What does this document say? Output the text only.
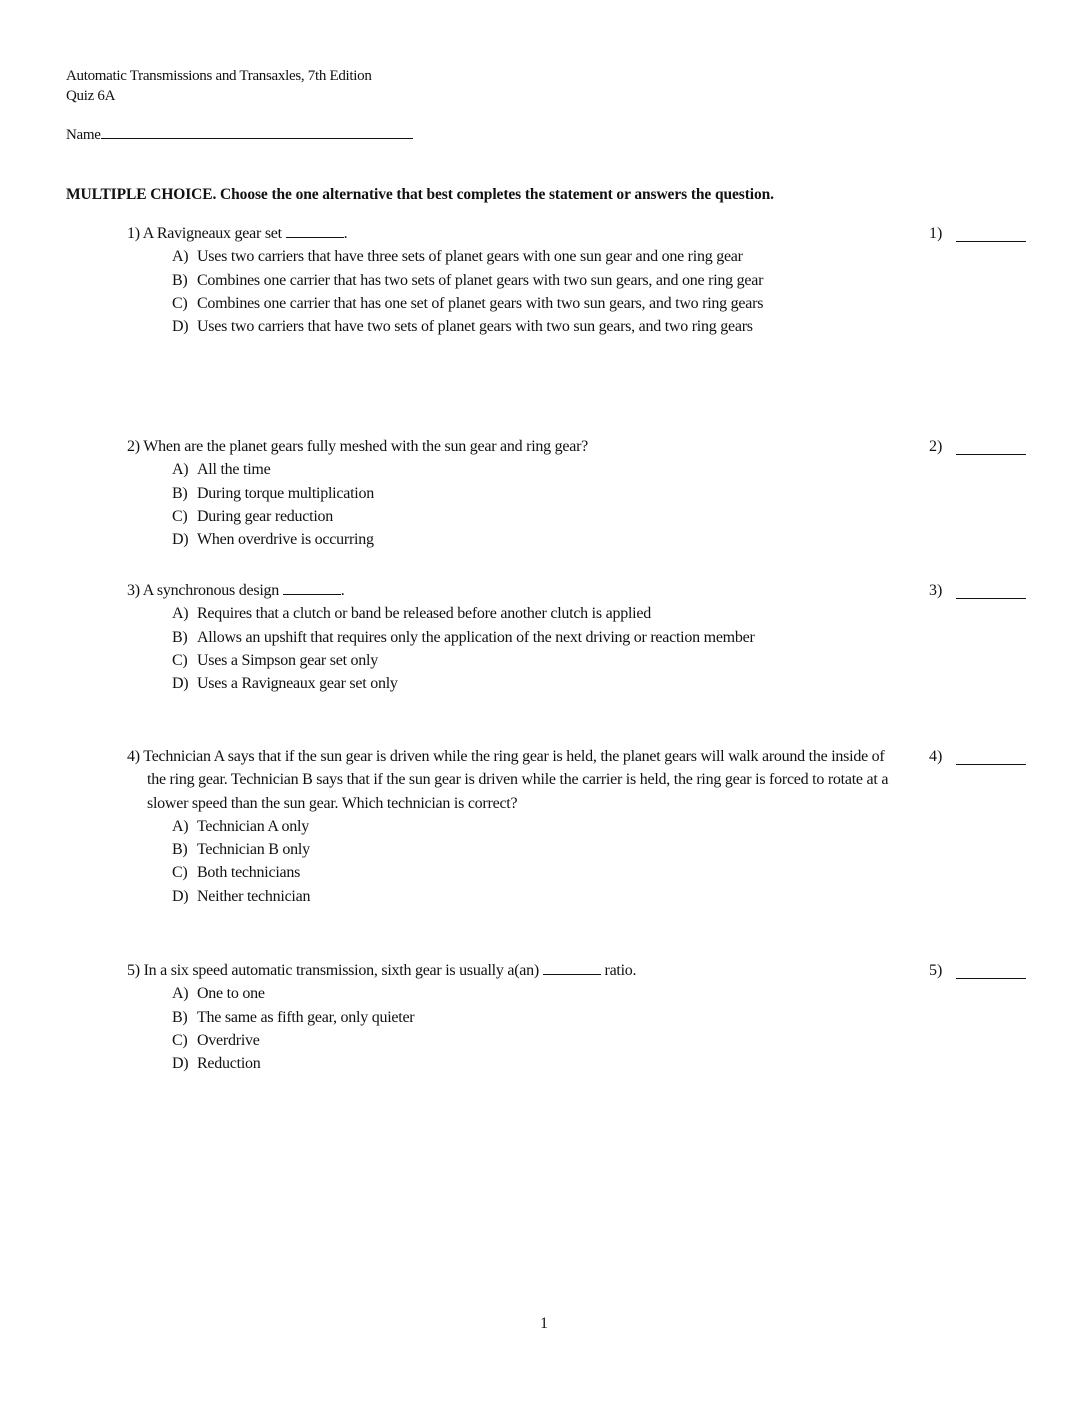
Automatic Transmissions and Transaxles, 7th Edition
Quiz 6A
Name
MULTIPLE CHOICE. Choose the one alternative that best completes the statement or answers the question.
1) A Ravigneaux gear set	.
A) Uses two carriers that have three sets of planet gears with one sun gear and one ring gear
B) Combines one carrier that has two sets of planet gears with two sun gears, and one ring gear
C) Combines one carrier that has one set of planet gears with two sun gears, and two ring gears
D) Uses two carriers that have two sets of planet gears with two sun gears, and two ring gears
1)
2) When are the planet gears fully meshed with the sun gear and ring gear?
A) All the time
B) During torque multiplication
C) During gear reduction
D) When overdrive is occurring
2)
3) A synchronous design	.
A) Requires that a clutch or band be released before another clutch is applied
B) Allows an upshift that requires only the application of the next driving or reaction member
C) Uses a Simpson gear set only
D) Uses a Ravigneaux gear set only
3)
4) Technician A says that if the sun gear is driven while the ring gear is held, the planet gears will walk around the inside of the ring gear. Technician B says that if the sun gear is driven while the carrier is held, the ring gear is forced to rotate at a slower speed than the sun gear. Which technician is correct?
A) Technician A only
B) Technician B only
C) Both technicians
D) Neither technician
4)
5) In a six speed automatic transmission, sixth gear is usually a(an)	ratio.
A) One to one
B) The same as fifth gear, only quieter
C) Overdrive
D) Reduction
5)
1
